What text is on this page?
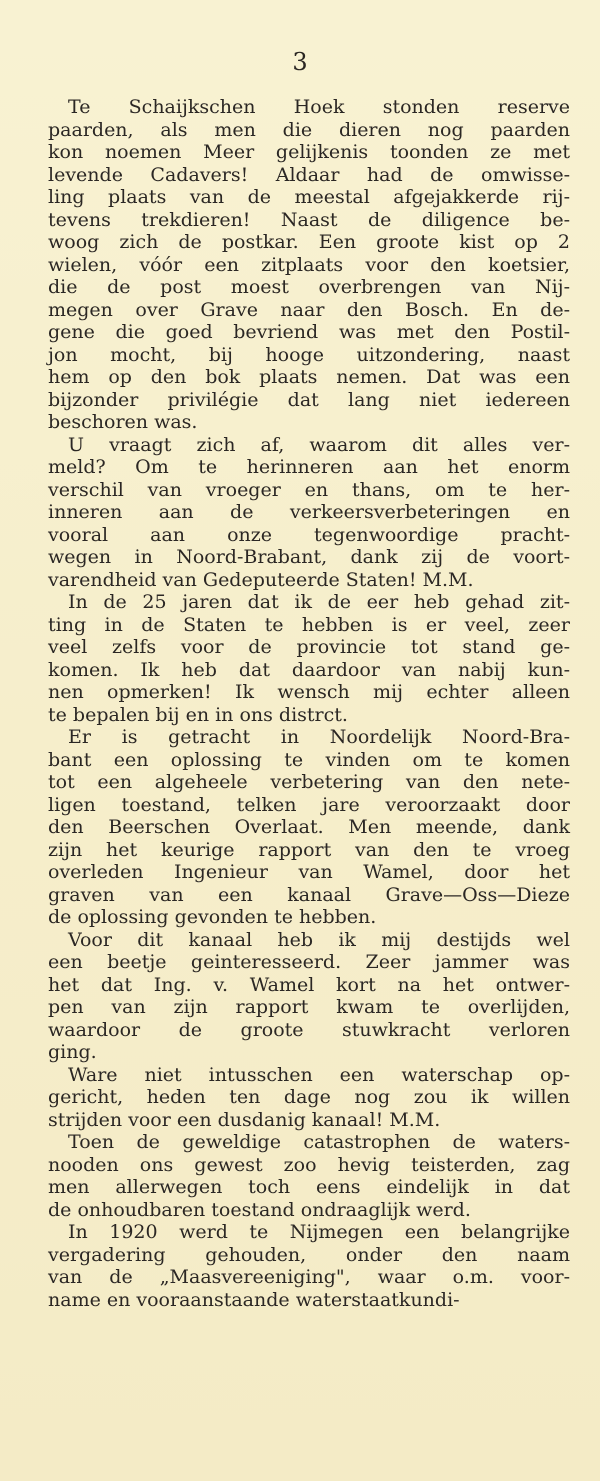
3
Te Schaijkschen Hoek stonden reserve
paarden, als men die dieren nog paarden
kon noemen Meer gelijkenis toonden ze met
levende Cadavers! Aldaar had de omwisse-
ling plaats van de meestal afgejakkerde rij-
tevens trekdieren! Naast de diligence be-
woog zich de postkar. Een groote kist op 2
wielen, vóór een zitplaats voor den koetsier,
die de post moest overbrengen van Nij-
megen over Grave naar den Bosch. En de-
gene die goed bevriend was met den Postil-
jon mocht, bij hooge uitzondering, naast
hem op den bok plaats nemen. Dat was een
bijzonder privilégie dat lang niet iedereen
beschoren was.
U vraagt zich af, waarom dit alles ver-
meld? Om te herinneren aan het enorm
verschil van vroeger en thans, om te her-
inneren aan de verkeersverbeteringen en
vooral aan onze tegenwoordige pracht-
wegen in Noord-Brabant, dank zij de voort-
varendheid van Gedeputeerde Staten! M.M.
In de 25 jaren dat ik de eer heb gehad zit-
ting in de Staten te hebben is er veel, zeer
veel zelfs voor de provincie tot stand ge-
komen. Ik heb dat daardoor van nabij kun-
nen opmerken! Ik wensch mij echter alleen
te bepalen bij en in ons distrct.
Er is getracht in Noordelijk Noord-Bra-
bant een oplossing te vinden om te komen
tot een algeheele verbetering van den nete-
ligen toestand, telken jare veroorzaakt door
den Beerschen Overlaat. Men meende, dank
zijn het keurige rapport van den te vroeg
overleden Ingenieur van Wamel, door het
graven van een kanaal Grave—Oss—Dieze
de oplossing gevonden te hebben.
Voor dit kanaal heb ik mij destijds wel
een beetje geinteresseerd. Zeer jammer was
het dat Ing. v. Wamel kort na het ontwer-
pen van zijn rapport kwam te overlijden,
waardoor de groote stuwkracht verloren
ging.
Ware niet intusschen een waterschap op-
gericht, heden ten dage nog zou ik willen
strijden voor een dusdanig kanaal! M.M.
Toen de geweldige catastrophen de waters-
nooden ons gewest zoo hevig teisterden, zag
men allerwegen toch eens eindelijk in dat
de onhoudbaren toestand ondraaglijk werd.
In 1920 werd te Nijmegen een belangrijke
vergadering gehouden, onder den naam
van de „Maasvereeniging", waar o.m. voor-
name en vooraanstaande waterstaatkundi-
